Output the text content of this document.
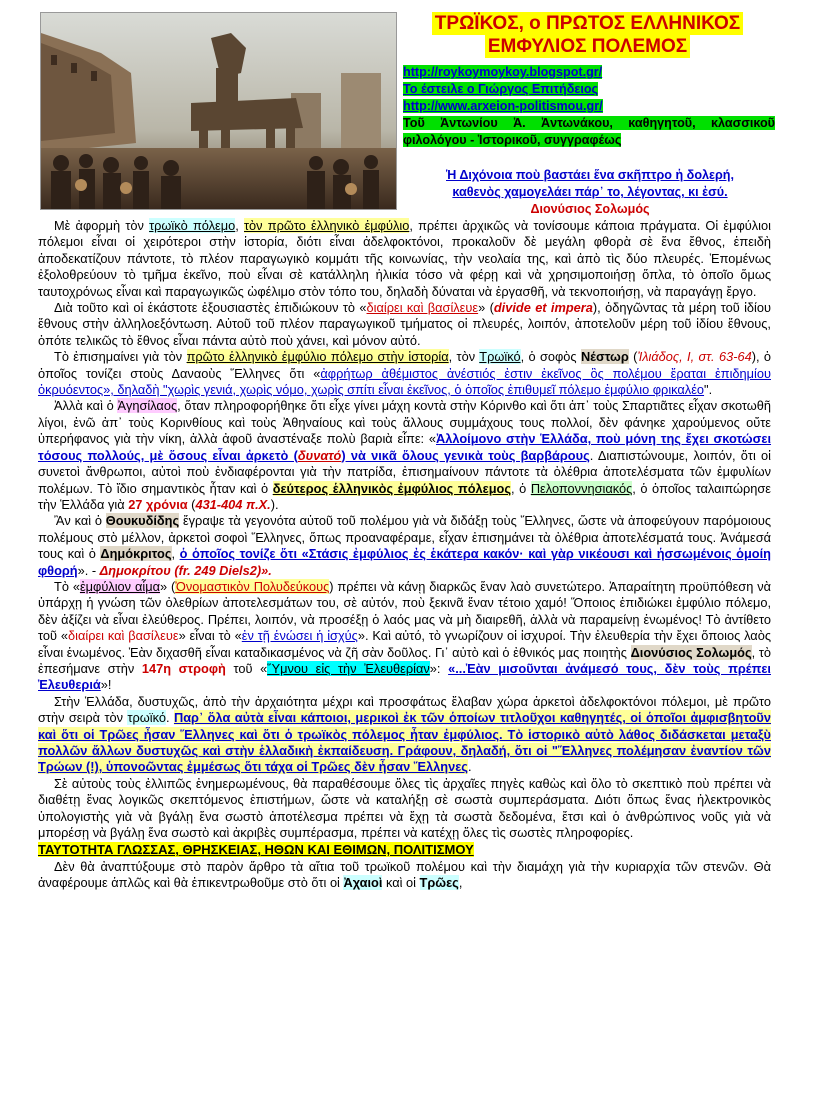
ΤΡΩΪΚΟΣ, ο ΠΡΩΤΟΣ ΕΛΛΗΝΙΚΟΣ
ΕΜΦΥΛΙΟΣ ΠΟΛΕΜΟΣ
http://roykoymoykoy.blogspot.gr/
Το έστειλε ο Γιώργος Επιτήδειος
http://www.arxeion-politismou.gr/
Τοῦ Ἀντωνίου Ἀ. Ἀντωνάκου, καθηγητοῦ, κλασσικοῦ φιλολόγου - Ἱστορικοῦ, συγγραφέως
Ἡ Διχόνοια ποὺ βαστάει ἕνα σκῆπτρο ἡ δολερή,
καθενὸς χαμογελάει πάρ᾽ το, λέγοντας, κι ἐσύ.
Διονύσιος Σολωμός

Μὲ ἀφορμὴ τὸν τρωϊκὸ πόλεμο, τὸν πρῶτο ἑλληνικὸ ἐμφύλιο, πρέπει ἀρχικῶς νὰ τονίσουμε κάποια πράγματα. Οἱ ἐμφύλιοι πόλεμοι εἶναι οἱ χειρότεροι στὴν ἱστορία, διότι εἶναι ἀδελφοκτόνοι, προκαλοῦν δὲ μεγάλη φθορὰ σὲ ἕνα ἔθνος, ἐπειδὴ ἀποδεκατίζουν πάντοτε, τὸ πλέον παραγωγικὸ κομμάτι τῆς κοινωνίας, τὴν νεολαία της, καὶ ἀπὸ τὶς δύο πλευρές. Ἑπομένως ἐξολοθρεύουν τὸ τμῆμα ἐκεῖνο, ποὺ εἶναι σὲ κατάλληλη ἡλικία τόσο νὰ φέρῃ καὶ νὰ χρησιμοποιήσῃ ὅπλα, τὸ ὁποῖο ὅμως ταυτοχρόνως εἶναι καὶ παραγωγικῶς ὠφέλιμο στὸν τόπο του, δηλαδὴ δύναται νὰ ἐργασθῆ, νὰ τεκνοποιήσῃ, νὰ παραγάγῃ ἔργο.

Διὰ τοῦτο καὶ οἱ ἑκάστοτε ἐξουσιαστὲς ἐπιδιώκουν τὸ «διαίρει καὶ βασίλευε» (divide et impera), ὁδηγῶντας τὰ μέρη τοῦ ἰδίου ἔθνους στὴν ἀλληλοεξόντωση. Αὐτοῦ τοῦ πλέον παραγωγικοῦ τμήματος οἱ πλευρές, λοιπόν, ἀποτελοῦν μέρη τοῦ ἰδίου ἔθνους, ὁπότε τελικῶς τὸ ἔθνος εἶναι πάντα αὐτὸ ποὺ χάνει, καὶ μόνον αὐτό.

Τὸ ἐπισημαίνει γιὰ τὸν πρῶτο ἑλληνικὸ ἐμφύλιο πόλεμο στὴν ἱστορία, τὸν Τρωϊκό, ὁ σοφὸς Νέστωρ (Ἰλιάδος, Ι, στ. 63-64), ὁ ὁποῖος τονίζει στοὺς Δαναοὺς Ἕλληνες ὅτι «ἀφρήτωρ ἀθέμιστος ἀνέστιός ἐστιν ἐκεῖνος ὃς πολέμου ἔραται ἐπιδημίου ὀκρυόεντος», δηλαδὴ "χωρὶς γενιά, χωρὶς νόμο, χωρὶς σπίτι εἶναι ἐκεῖνος, ὁ ὁποῖος ἐπιθυμεῖ πόλεμο ἐμφύλιο φρικαλέο".

Ἀλλὰ καὶ ὁ Ἀγησίλαος, ὅταν πληροφορήθηκε ὅτι εἶχε γίνει μάχη κοντὰ στὴν Κόρινθο καὶ ὅτι ἀπ᾽ τοὺς Σπαρτιᾶτες εἶχαν σκοτωθῆ λίγοι, ἐνῶ ἀπ᾽ τοὺς Κορινθίους καὶ τοὺς Ἀθηναίους καὶ τοὺς ἄλλους συμμάχους τους πολλοί, δὲν φάνηκε χαρούμενος οὔτε ὑπερήφανος γιὰ τὴν νίκη, ἀλλὰ ἀφοῦ ἀναστέναξε πολὺ βαριὰ εἶπε: «Ἀλλοίμονο στὴν Ἑλλάδα, ποὺ μόνη της ἔχει σκοτώσει τόσους πολλούς, μὲ ὅσους εἶναι ἀρκετὸ (δυνατό) νὰ νικᾶ ὅλους γενικὰ τοὺς βαρβάρους. Διαπιστώνουμε, λοιπόν, ὅτι οἱ συνετοὶ ἄνθρωποι, αὐτοὶ ποὺ ἐνδιαφέρονται γιὰ τὴν πατρίδα, ἐπισημαίνουν πάντοτε τὰ ὀλέθρια ἀποτελέσματα τῶν ἐμφυλίων πολέμων. Τὸ ἴδιο σημαντικὸς ἦταν καὶ ὁ δεύτερος ἑλληνικὸς ἐμφύλιος πόλεμος, ὁ Πελοποννησιακός, ὁ ὁποῖος ταλαιπώρησε τὴν Ἑλλάδα γιὰ 27 χρόνια (431-404 π.Χ.).

Ἂν καὶ ὁ Θουκυδίδης ἔγραψε τὰ γεγονότα αὐτοῦ τοῦ πολέμου γιὰ νὰ διδάξῃ τοὺς Ἕλληνες, ὥστε νὰ ἀποφεύγουν παρόμοιους πολέμους στὸ μέλλον, ἀρκετοὶ σοφοὶ Ἕλληνες, ὅπως προαναφέραμε, εἶχαν ἐπισημάνει τὰ ὀλέθρια ἀποτελέσματά τους. Ἀνάμεσά τους καὶ ὁ Δημόκριτος, ὁ ὁποῖος τονίζε ὅτι «Στάσις ἐμφύλιος ἐς ἑκάτερα κακόν· καὶ γὰρ νικέουσι καὶ ἡσσωμένοις ὁμοίη φθορή». - Δημοκρίτου (fr. 249 Diels2)».

Τὸ «ἐμφύλιον αἷμα» (Ὀνομαστικὸν Πολυδεύκους) πρέπει νὰ κάνῃ διαρκῶς ἕναν λαὸ συνετώτερο. Ἀπαραίτητη προϋπόθεση νὰ ὑπάρχῃ ἡ γνώση τῶν ὀλεθρίων ἀποτελεσμάτων του, σὲ αὐτόν, ποὺ ξεκινᾶ ἕναν τέτοιο χαμό! Ὅποιος ἐπιδιώκει ἐμφύλιο πόλεμο, δὲν ἀξίζει νὰ εἶναι ἐλεύθερος. Πρέπει, λοιπόν, νὰ προσέξῃ ὁ λαός μας νὰ μὴ διαιρεθῆ, ἀλλὰ νὰ παραμείνῃ ἑνωμένος! Τὸ ἀντίθετο τοῦ «διαίρει καὶ βασίλευε» εἶναι τὸ «ἐν τῇ ἑνώσει ἡ ἰσχύς». Καὶ αὐτό, τὸ γνωρίζουν οἱ ἰσχυροί. Τὴν ἐλευθερία τὴν ἔχει ὅποιος λαὸς εἶναι ἑνωμένος. Ἐὰν διχασθῆ εἶναι καταδικασμένος νὰ ζῆ σὰν δοῦλος. Γι᾽ αὐτὸ καὶ ὁ ἐθνικός μας ποιητὴς Διονύσιος Σολωμός, τὸ ἐπεσήμανε στὴν 147η στροφὴ τοῦ «Ὕμνου εἰς τὴν Ἐλευθερίαν»: «...Ἐὰν μισοῦνται ἀνάμεσό τους, δὲν τοὺς πρέπει Ἐλευθεριά»!

Στὴν Ἑλλάδα, δυστυχῶς, ἀπὸ τὴν ἀρχαιότητα μέχρι καὶ προσφάτως ἔλαβαν χώρα ἀρκετοὶ ἀδελφοκτόνοι πόλεμοι, μὲ πρῶτο στὴν σειρὰ τὸν τρωϊκό. Παρ᾽ ὅλα αὐτὰ εἶναι κάποιοι, μερικοὶ ἐκ τῶν ὁποίων τιτλοῦχοι καθηγητές, οἱ ὁποῖοι ἀμφισβητοῦν καὶ ὅτι οἱ Τρῶες ἦσαν Ἕλληνες καὶ ὅτι ὁ τρωϊκὸς πόλεμος ἦταν ἐμφύλιος. Τὸ ἱστορικὸ αὐτὸ λάθος διδάσκεται μεταξὺ πολλῶν ἄλλων δυστυχῶς καὶ στὴν ἑλλαδικὴ ἐκπαίδευση. Γράφουν, δηλαδή, ὅτι οἱ "Ἕλληνες πολέμησαν ἐναντίον τῶν Τρώων (!), ὑπονοῶντας ἐμμέσως ὅτι τάχα οἱ Τρῶες δὲν ἦσαν Ἕλληνες.

Σὲ αὐτοὺς τοὺς ἐλλιπῶς ἐνημερωμένους, θὰ παραθέσουμε ὅλες τὶς ἀρχαῖες πηγὲς καθὼς καὶ ὅλο τὸ σκεπτικὸ ποὺ πρέπει νὰ διαθέτῃ ἕνας λογικῶς σκεπτόμενος ἐπιστήμων, ὥστε νὰ καταλήξῃ σὲ σωστὰ συμπεράσματα. Διότι ὅπως ἕνας ἠλεκτρονικὸς ὑπολογιστὴς γιὰ νὰ βγάλῃ ἕνα σωστὸ ἀποτέλεσμα πρέπει νὰ ἔχῃ τὰ σωστὰ δεδομένα, ἔτσι καὶ ὁ ἀνθρώπινος νοῦς γιὰ νὰ μπορέσῃ νὰ βγάλῃ ἕνα σωστὸ καὶ ἀκριβὲς συμπέρασμα, πρέπει νὰ κατέχῃ ὅλες τὶς σωστὲς πληροφορίες.

ΤΑΥΤΟΤΗΤΑ ΓΛΩΣΣΑΣ, ΘΡΗΣΚΕΙΑΣ, ΗΘΩΝ ΚΑΙ ΕΘΙΜΩΝ, ΠΟΛΙΤΙΣΜΟΥ

Δὲν θὰ ἀναπτύξουμε στὸ παρὸν ἄρθρο τὰ αἴτια τοῦ τρωϊκοῦ πολέμου καὶ τὴν διαμάχη γιὰ τὴν κυριαρχία τῶν στενῶν. Θὰ ἀναφέρουμε ἁπλῶς καὶ θὰ ἐπικεντρωθοῦμε στὸ ὅτι οἱ Ἀχαιοὶ καὶ οἱ Τρῶες,
